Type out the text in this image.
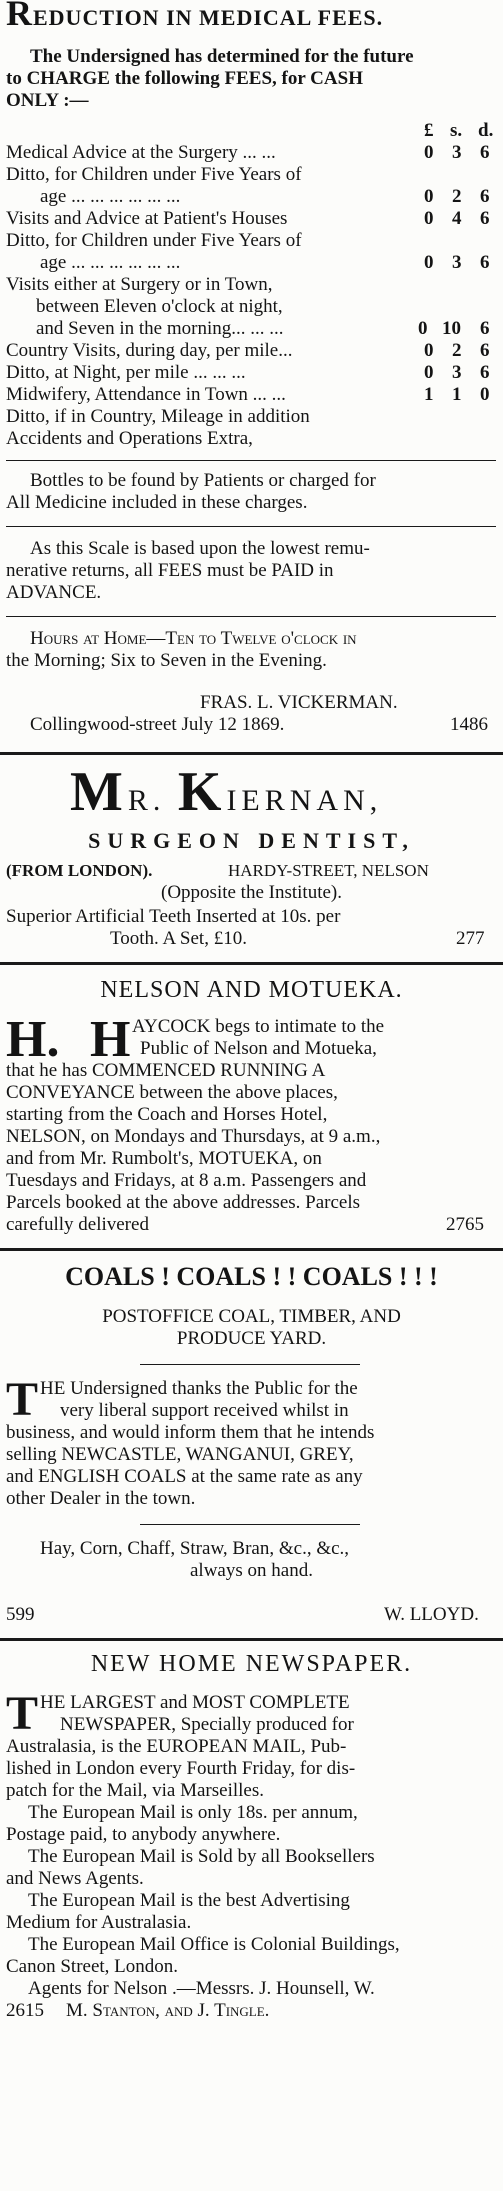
REDUCTION IN MEDICAL FEES.
The Undersigned has determined for the future
to CHARGE the following FEES, for CASH
ONLY :—
£ s. d.
Medical Advice at the Surgery ... ...	0 3 6
Ditto, for Children under Five Years of
age ... ... ... ... ... ...	0 2 6
Visits and Advice at Patient's Houses	0 4 6
Ditto, for Children under Five Years of
age ... ... ... ... ... ...	0 3 6
Visits either at Surgery or in Town,
between Eleven o'clock at night,
and Seven in the morning... ... ...	0 10 6
Country Visits, during day, per mile...	0 2 6
Ditto, at Night, per mile ... ... ...	0 3 6
Midwifery, Attendance in Town ... ...	1 1 0
Ditto, if in Country, Mileage in addition
Accidents and Operations Extra,
Bottles to be found by Patients or charged for
All Medicine included in these charges.
As this Scale is based upon the lowest remu-
nerative returns, all FEES must be PAID in
ADVANCE.
Hours at Home—Ten to Twelve o'clock in
the Morning; Six to Seven in the Evening.
FRAS. L. VICKERMAN.
Collingwood-street July 12 1869.	1486
MR. KIERNAN,
SURGEON DENTIST,
(FROM LONDON).	HARDY-STREET, NELSON
(Opposite the Institute).
Superior Artificial Teeth Inserted at 10s. per
Tooth. A Set, £10.	277
NELSON AND MOTUEKA.
H. H AYCOCK begs to intimate to the
Public of Nelson and Motueka,
that he has COMMENCED RUNNING A
CONVEYANCE between the above places,
starting from the Coach and Horses Hotel,
NELSON, on Mondays and Thursdays, at 9 a.m.,
and from Mr. Rumbolt's, MOTUEKA, on
Tuesdays and Fridays, at 8 a.m. Passengers and
Parcels booked at the above addresses. Parcels
carefully delivered	2765
COALS ! COALS ! ! COALS ! ! !
POSTOFFICE COAL, TIMBER, AND
PRODUCE YARD.
T HE Undersigned thanks the Public for the
very liberal support received whilst in
business, and would inform them that he intends
selling NEWCASTLE, WANGANUI, GREY,
and ENGLISH COALS at the same rate as any
other Dealer in the town.
Hay, Corn, Chaff, Straw, Bran, &c., &c.,
always on hand.
599	W. LLOYD.
NEW HOME NEWSPAPER.
T HE LARGEST and MOST COMPLETE
NEWSPAPER, Specially produced for
Australasia, is the EUROPEAN MAIL, Pub-
lished in London every Fourth Friday, for dis-
patch for the Mail, via Marseilles.
The European Mail is only 18s. per annum,
Postage paid, to anybody anywhere.
The European Mail is Sold by all Booksellers
and News Agents.
The European Mail is the best Advertising
Medium for Australasia.
The European Mail Office is Colonial Buildings,
Canon Street, London.
Agents for Nelson .—Messrs. J. Hounsell, W.
2615 M. Stanton, and J. Tingle.
